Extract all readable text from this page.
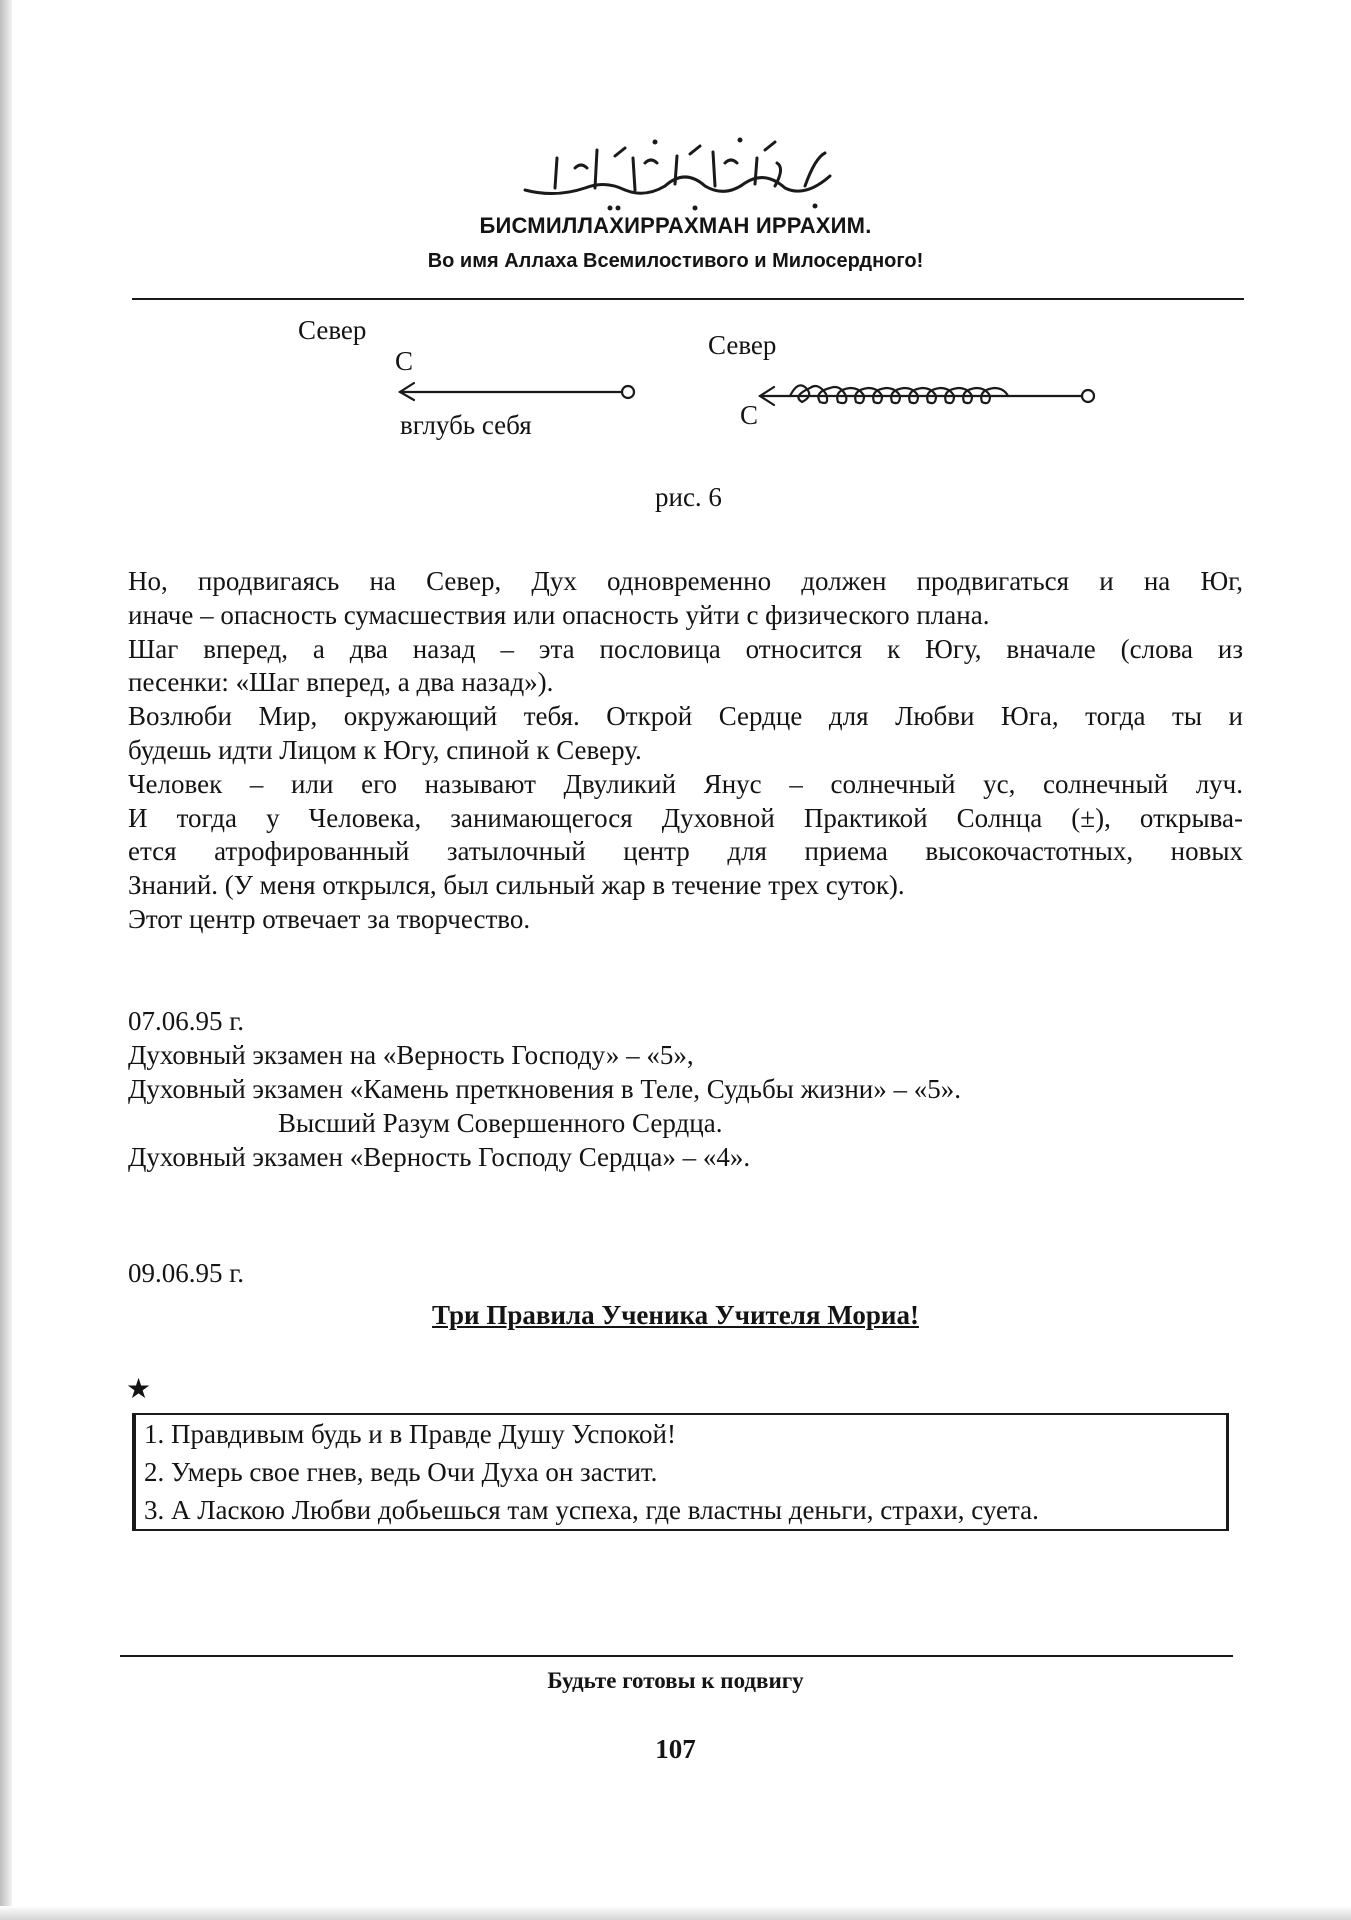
БИСМИЛЛАХИРРАХМАН ИРРАХИМ.
Во имя Аллаха Всемилостивого и Милосердного!
Север
С
вглубь себя
Север
С
рис. 6
Но, продвигаясь на Север, Дух одновременно должен продвигаться и на Юг,
иначе – опасность сумасшествия или опасность уйти с физического плана.
Шаг вперед, а два назад – эта пословица относится к Югу, вначале (слова из
песенки: «Шаг вперед, а два назад»).
Возлюби Мир, окружающий тебя. Открой Сердце для Любви Юга, тогда ты и
будешь идти Лицом к Югу, спиной к Северу.
Человек – или его называют Двуликий Янус – солнечный ус, солнечный луч.
И тогда у Человека, занимающегося Духовной Практикой Солнца (±), открыва-
ется атрофированный затылочный центр для приема высокочастотных, новых
Знаний. (У меня открылся, был сильный жар в течение трех суток).
Этот центр отвечает за творчество.
07.06.95 г.
Духовный экзамен на «Верность Господу» – «5»,
Духовный экзамен «Камень преткновения в Теле, Судьбы жизни» – «5».
Высший Разум Совершенного Сердца.
Духовный экзамен «Верность Господу Сердца» – «4».
09.06.95 г.
Три Правила Ученика Учителя Мориа!
★
1. Правдивым будь и в Правде Душу Успокой!
2. Умерь свое гнев, ведь Очи Духа он застит.
3. А Ласкою Любви добьешься там успеха, где властны деньги, страхи, суета.
Будьте готовы к подвигу
107
